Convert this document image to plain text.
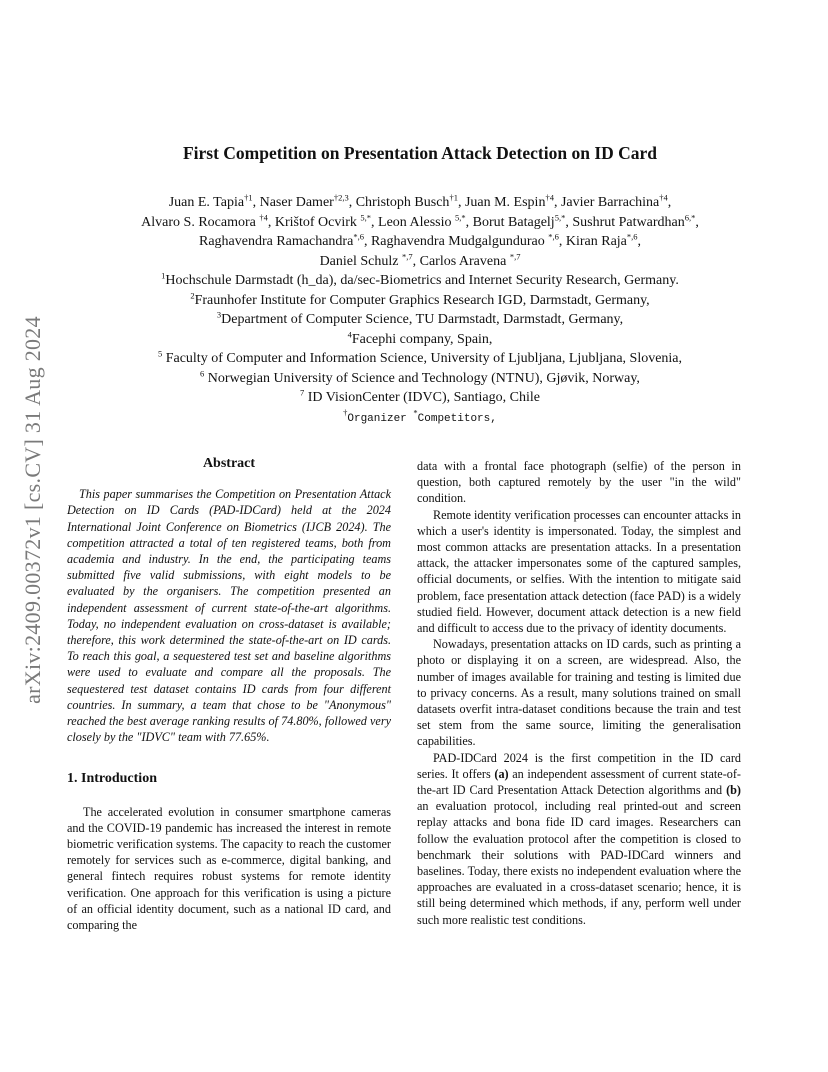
arXiv:2409.00372v1 [cs.CV] 31 Aug 2024
First Competition on Presentation Attack Detection on ID Card
Juan E. Tapia$^{\dagger 1}$, Naser Damer$^{\dagger 2,3}$, Christoph Busch$^{\dagger 1}$, Juan M. Espin$^{\dagger 4}$, Javier Barrachina$^{\dagger 4}$,
Alvaro S. Rocamora $^{\dagger 4}$, Krištof Ocvirk $^{5,*}$, Leon Alessio $^{5,*}$, Borut Batagelj$^{5,*}$, Sushrut Patwardhan$^{6,*}$,
Raghavendra Ramachandra$^{*,6}$, Raghavendra Mudgalgundurao $^{*,6}$, Kiran Raja$^{*,6}$,
Daniel Schulz $^{*,7}$, Carlos Aravena $^{*,7}$
$^1$Hochschule Darmstadt (h_da), da/sec-Biometrics and Internet Security Research, Germany.
$^2$Fraunhofer Institute for Computer Graphics Research IGD, Darmstadt, Germany,
$^3$Department of Computer Science, TU Darmstadt, Darmstadt, Germany,
$^4$Facephi company, Spain,
$^5$ Faculty of Computer and Information Science, University of Ljubljana, Ljubljana, Slovenia,
$^6$ Norwegian University of Science and Technology (NTNU), Gjøvik, Norway,
$^7$ ID VisionCenter (IDVC), Santiago, Chile
†Organizer *Competitors,
Abstract

This paper summarises the Competition on Presentation Attack Detection on ID Cards (PAD-IDCard) held at the 2024 International Joint Conference on Biometrics (IJCB 2024). The competition attracted a total of ten registered teams, both from academia and industry. In the end, the participating teams submitted five valid submissions, with eight models to be evaluated by the organisers. The competition presented an independent assessment of current state-of-the-art algorithms. Today, no independent evaluation on cross-dataset is available; therefore, this work determined the state-of-the-art on ID cards. To reach this goal, a sequestered test set and baseline algorithms were used to evaluate and compare all the proposals. The sequestered test dataset contains ID cards from four different countries. In summary, a team that chose to be "Anonymous" reached the best average ranking results of 74.80%, followed very closely by the "IDVC" team with 77.65%.

1. Introduction

The accelerated evolution in consumer smartphone cameras and the COVID-19 pandemic has increased the interest in remote biometric verification systems. The capacity to reach the customer remotely for services such as e-commerce, digital banking, and general fintech requires robust systems for remote identity verification. One approach for this verification is using a picture of an official identity document, such as a national ID card, and comparing the

data with a frontal face photograph (selfie) of the person in question, both captured remotely by the user "in the wild" condition.

Remote identity verification processes can encounter attacks in which a user's identity is impersonated. Today, the simplest and most common attacks are presentation attacks. In a presentation attack, the attacker impersonates some of the captured samples, official documents, or selfies. With the intention to mitigate said problem, face presentation attack detection (face PAD) is a widely studied field. However, document attack detection is a new field and difficult to access due to the privacy of identity documents.

Nowadays, presentation attacks on ID cards, such as printing a photo or displaying it on a screen, are widespread. Also, the number of images available for training and testing is limited due to privacy concerns. As a result, many solutions trained on small datasets overfit intra-dataset conditions because the train and test set stem from the same source, limiting the generalisation capabilities.

PAD-IDCard 2024 is the first competition in the ID card series. It offers (a) an independent assessment of current state-of-the-art ID Card Presentation Attack Detection algorithms and (b) an evaluation protocol, including real printed-out and screen replay attacks and bona fide ID card images. Researchers can follow the evaluation protocol after the competition is closed to benchmark their solutions with PAD-IDCard winners and baselines. Today, there exists no independent evaluation where the approaches are evaluated in a cross-dataset scenario; hence, it is still being determined which methods, if any, perform well under such more realistic test conditions.
